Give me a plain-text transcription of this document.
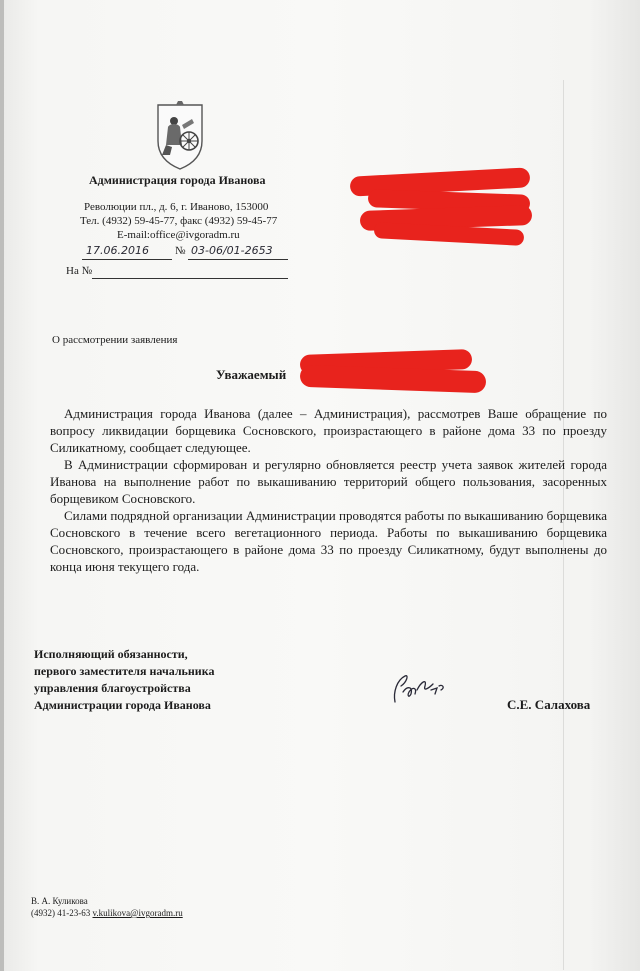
Администрация города Иванова
Революции пл., д. 6, г. Иваново, 153000
Тел. (4932) 59-45-77, факс (4932) 59-45-77
E-mail:office@ivgoradm.ru
17.06.2016 № 03-06/01-2653
На №
О рассмотрении заявления
Уважаемый
Администрация города Иванова (далее – Администрация), рассмотрев Ваше обращение по вопросу ликвидации борщевика Сосновского, произрастающего в районе дома 33 по проезду Силикатному, сообщает следующее.
В Администрации сформирован и регулярно обновляется реестр учета заявок жителей города Иванова на выполнение работ по выкашиванию территорий общего пользования, засоренных борщевиком Сосновского.
Силами подрядной организации Администрации проводятся работы по выкашиванию борщевика Сосновского в течение всего вегетационного периода. Работы по выкашиванию борщевика Сосновского, произрастающего в районе дома 33 по проезду Силикатному, будут выполнены до конца июня текущего года.
Исполняющий обязанности,
первого заместителя начальника
управления благоустройства
Администрации города Иванова	С.Е. Салахова
В. А. Куликова
(4932) 41-23-63 v.kulikova@ivgoradm.ru
